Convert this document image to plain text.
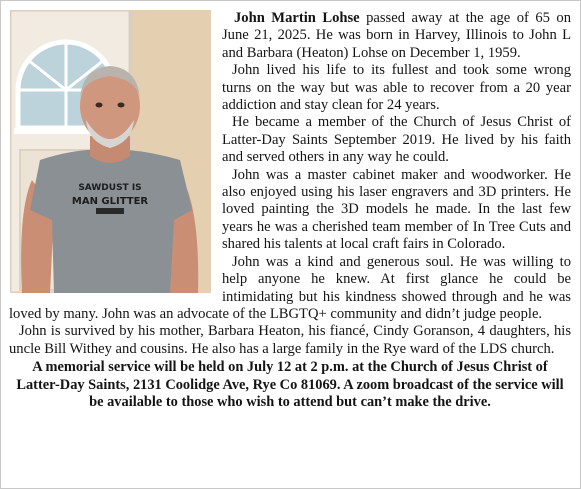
SAWDUST IS
MAN GLITTER

John Martin Lohse passed away at the age of 65 on June 21, 2025. He was born in Harvey, Illinois to John L and Barbara (Heaton) Lohse on December 1, 1959.

John lived his life to its fullest and took some wrong turns on the way but was able to recover from a 20 year addiction and stay clean for 24 years.

He became a member of the Church of Jesus Christ of Latter-Day Saints September 2019. He lived by his faith and served others in any way he could.

John was a master cabinet maker and woodworker. He also enjoyed using his laser engravers and 3D printers. He loved painting the 3D models he made. In the last few years he was a cherished team member of In Tree Cuts and shared his talents at local craft fairs in Colorado.

John was a kind and generous soul. He was willing to help anyone he knew. At first glance he could be intimidating but his kindness showed through and he was loved by many. John was an advocate of the LBGTQ+ community and didn’t judge people.

John is survived by his mother, Barbara Heaton, his fiancé, Cindy Goranson, 4 daughters, his uncle Bill Withey and cousins. He also has a large family in the Rye ward of the LDS church.

A memorial service will be held on July 12 at 2 p.m. at the Church of Jesus Christ of Latter-Day Saints, 2131 Coolidge Ave, Rye Co 81069. A zoom broadcast of the service will be available to those who wish to attend but can’t make the drive.
